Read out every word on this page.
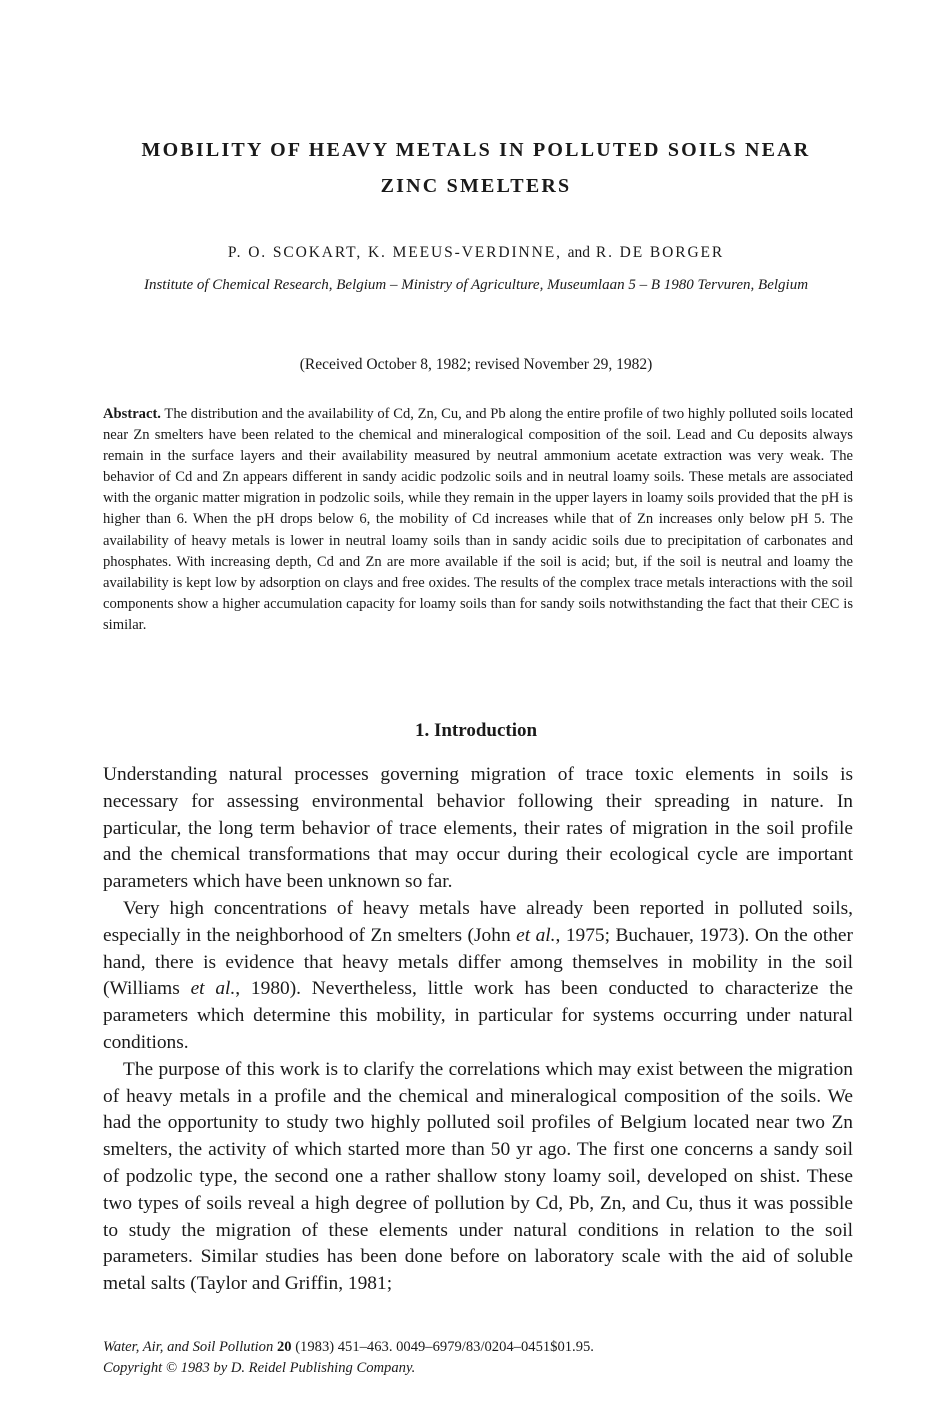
MOBILITY OF HEAVY METALS IN POLLUTED SOILS NEAR
ZINC SMELTERS

P. O. SCOKART, K. MEEUS-VERDINNE, and R. DE BORGER

Institute of Chemical Research, Belgium – Ministry of Agriculture, Museumlaan 5 – B 1980 Tervuren, Belgium

(Received October 8, 1982; revised November 29, 1982)

Abstract. The distribution and the availability of Cd, Zn, Cu, and Pb along the entire profile of two highly polluted soils located near Zn smelters have been related to the chemical and mineralogical composition of the soil. Lead and Cu deposits always remain in the surface layers and their availability measured by neutral ammonium acetate extraction was very weak. The behavior of Cd and Zn appears different in sandy acidic podzolic soils and in neutral loamy soils. These metals are associated with the organic matter migration in podzolic soils, while they remain in the upper layers in loamy soils provided that the pH is higher than 6. When the pH drops below 6, the mobility of Cd increases while that of Zn increases only below pH 5. The availability of heavy metals is lower in neutral loamy soils than in sandy acidic soils due to precipitation of carbonates and phosphates. With increasing depth, Cd and Zn are more available if the soil is acid; but, if the soil is neutral and loamy the availability is kept low by adsorption on clays and free oxides. The results of the complex trace metals interactions with the soil components show a higher accumulation capacity for loamy soils than for sandy soils notwithstanding the fact that their CEC is similar.

1. Introduction

Understanding natural processes governing migration of trace toxic elements in soils is necessary for assessing environmental behavior following their spreading in nature. In particular, the long term behavior of trace elements, their rates of migration in the soil profile and the chemical transformations that may occur during their ecological cycle are important parameters which have been unknown so far.

Very high concentrations of heavy metals have already been reported in polluted soils, especially in the neighborhood of Zn smelters (John et al., 1975; Buchauer, 1973). On the other hand, there is evidence that heavy metals differ among themselves in mobility in the soil (Williams et al., 1980). Nevertheless, little work has been conducted to characterize the parameters which determine this mobility, in particular for systems occurring under natural conditions.

The purpose of this work is to clarify the correlations which may exist between the migration of heavy metals in a profile and the chemical and mineralogical composition of the soils. We had the opportunity to study two highly polluted soil profiles of Belgium located near two Zn smelters, the activity of which started more than 50 yr ago. The first one concerns a sandy soil of podzolic type, the second one a rather shallow stony loamy soil, developed on shist. These two types of soils reveal a high degree of pollution by Cd, Pb, Zn, and Cu, thus it was possible to study the migration of these elements under natural conditions in relation to the soil parameters. Similar studies has been done before on laboratory scale with the aid of soluble metal salts (Taylor and Griffin, 1981;

Water, Air, and Soil Pollution 20 (1983) 451–463. 0049–6979/83/0204–0451$01.95.
Copyright © 1983 by D. Reidel Publishing Company.
